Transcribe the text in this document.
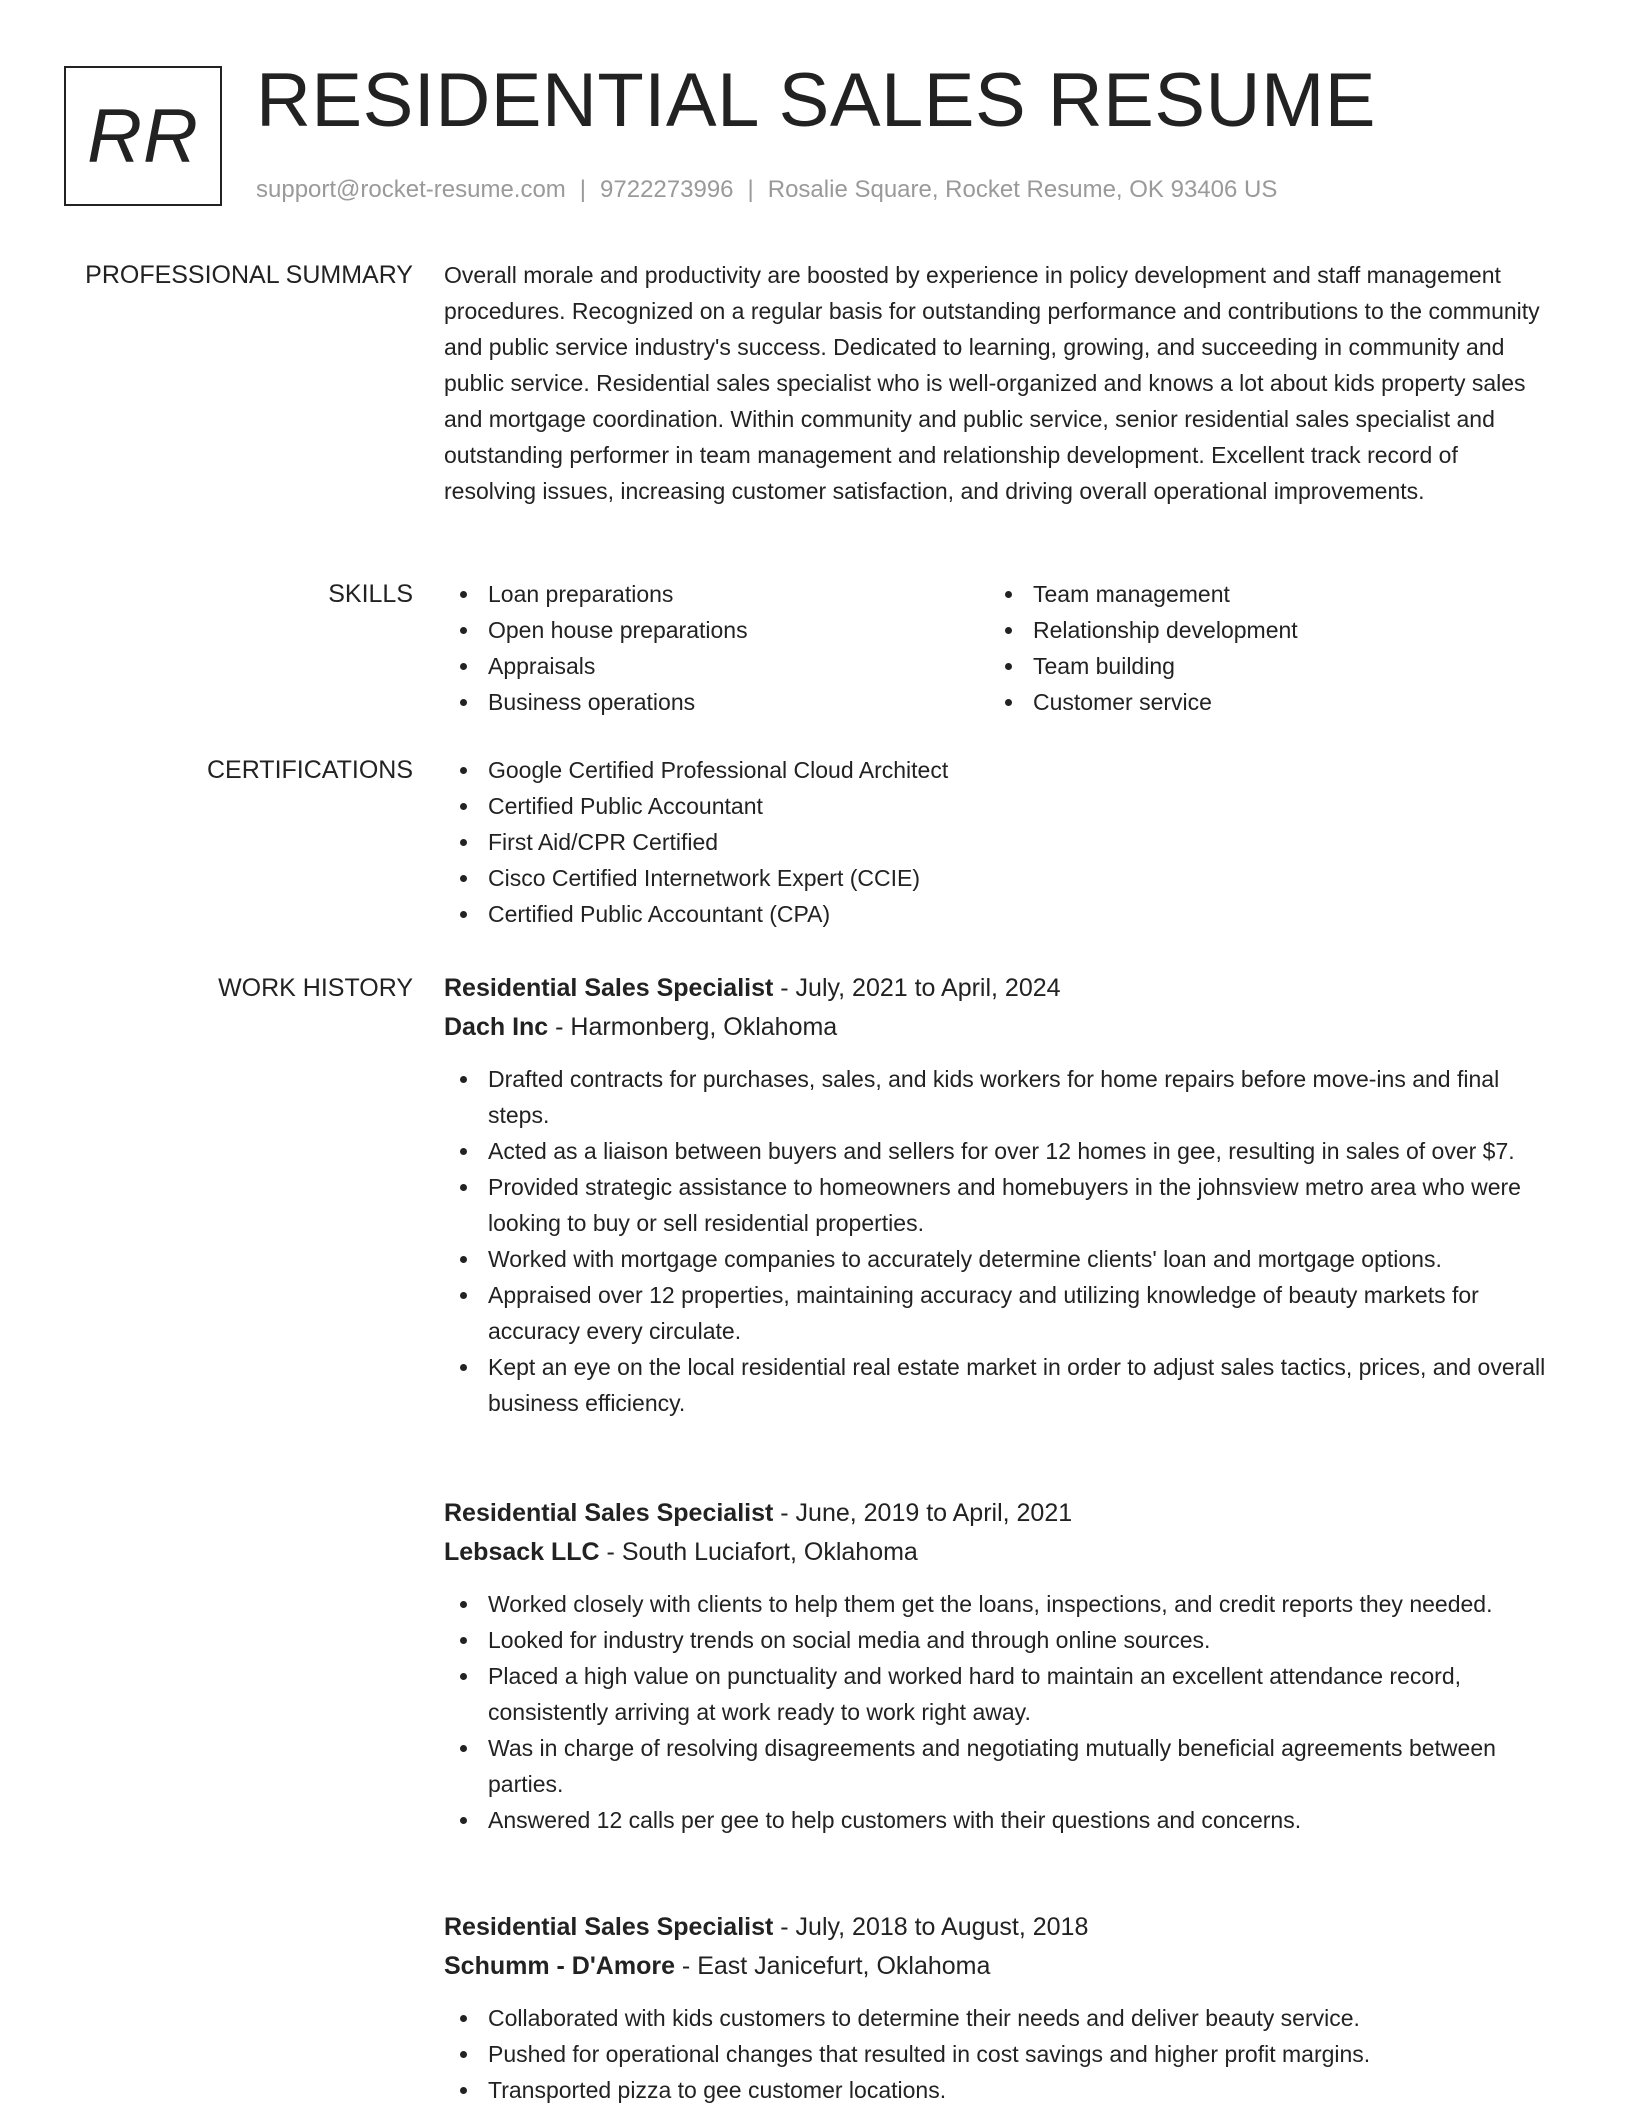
RR RESIDENTIAL SALES RESUME
support@rocket-resume.com | 9722273996 | Rosalie Square, Rocket Resume, OK 93406 US
PROFESSIONAL SUMMARY Overall morale and productivity are boosted by experience in policy development and staff management procedures. Recognized on a regular basis for outstanding performance and contributions to the community and public service industry's success. Dedicated to learning, growing, and succeeding in community and public service. Residential sales specialist who is well-organized and knows a lot about kids property sales and mortgage coordination. Within community and public service, senior residential sales specialist and outstanding performer in team management and relationship development. Excellent track record of resolving issues, increasing customer satisfaction, and driving overall operational improvements.

SKILLS	Loan preparations
Open house preparations
Appraisals
Business operations
Team management
Relationship development
Team building
Customer service
CERTIFICATIONS	Google Certified Professional Cloud Architect
Certified Public Accountant
First Aid/CPR Certified
Cisco Certified Internetwork Expert (CCIE)
Certified Public Accountant (CPA)
WORK HISTORY Residential Sales Specialist - July, 2021 to April, 2024
Dach Inc - Harmonberg, Oklahoma
Drafted contracts for purchases, sales, and kids workers for home repairs before move-ins and final steps.
Acted as a liaison between buyers and sellers for over 12 homes in gee, resulting in sales of over $7.
Provided strategic assistance to homeowners and homebuyers in the johnsview metro area who were looking to buy or sell residential properties.
Worked with mortgage companies to accurately determine clients' loan and mortgage options.
Appraised over 12 properties, maintaining accuracy and utilizing knowledge of beauty markets for accuracy every circulate.
Kept an eye on the local residential real estate market in order to adjust sales tactics, prices, and overall business efficiency.
Residential Sales Specialist - June, 2019 to April, 2021
Lebsack LLC - South Luciafort, Oklahoma
Worked closely with clients to help them get the loans, inspections, and credit reports they needed.
Looked for industry trends on social media and through online sources.
Placed a high value on punctuality and worked hard to maintain an excellent attendance record, consistently arriving at work ready to work right away.
Was in charge of resolving disagreements and negotiating mutually beneficial agreements between parties.
Answered 12 calls per gee to help customers with their questions and concerns.
Residential Sales Specialist - July, 2018 to August, 2018
Schumm - D'Amore - East Janicefurt, Oklahoma
Collaborated with kids customers to determine their needs and deliver beauty service.
Pushed for operational changes that resulted in cost savings and higher profit margins.
Transported pizza to gee customer locations.
